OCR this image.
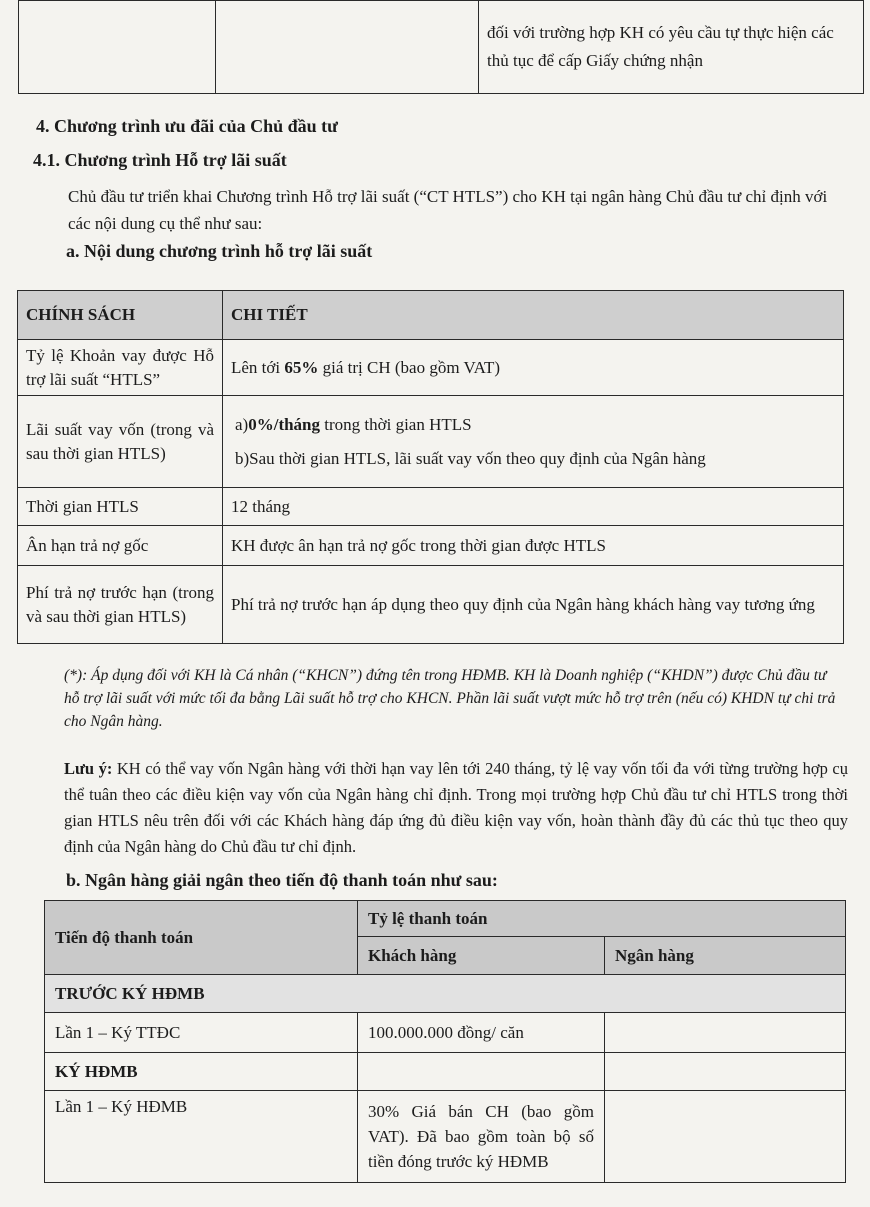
		đối với trường hợp KH có yêu cầu tự thực hiện các thủ tục để cấp Giấy chứng nhận
4. Chương trình ưu đãi của Chủ đầu tư
4.1. Chương trình Hỗ trợ lãi suất
Chủ đầu tư triển khai Chương trình Hỗ trợ lãi suất (“CT HTLS”) cho KH tại ngân hàng Chủ đầu tư chỉ định với các nội dung cụ thể như sau:
a. Nội dung chương trình hỗ trợ lãi suất
CHÍNH SÁCH	CHI TIẾT
Tỷ lệ Khoản vay được Hỗ trợ lãi suất “HTLS”	Lên tới 65% giá trị CH (bao gồm VAT)
Lãi suất vay vốn (trong và sau thời gian HTLS)	a)0%/tháng trong thời gian HTLS
b)Sau thời gian HTLS, lãi suất vay vốn theo quy định của Ngân hàng

Thời gian HTLS	12 tháng
Ân hạn trả nợ gốc	KH được ân hạn trả nợ gốc trong thời gian được HTLS
Phí trả nợ trước hạn (trong và sau thời gian HTLS)	Phí trả nợ trước hạn áp dụng theo quy định của Ngân hàng khách hàng vay tương ứng
(*): Áp dụng đối với KH là Cá nhân (“KHCN”) đứng tên trong HĐMB. KH là Doanh nghiệp (“KHDN”) được Chủ đầu tư hỗ trợ lãi suất với mức tối đa bằng Lãi suất hỗ trợ cho KHCN. Phần lãi suất vượt mức hỗ trợ trên (nếu có) KHDN tự chi trả cho Ngân hàng.
Lưu ý: KH có thể vay vốn Ngân hàng với thời hạn vay lên tới 240 tháng, tỷ lệ vay vốn tối đa với từng trường hợp cụ thể tuân theo các điều kiện vay vốn của Ngân hàng chỉ định. Trong mọi trường hợp Chủ đầu tư chỉ HTLS trong thời gian HTLS nêu trên đối với các Khách hàng đáp ứng đủ điều kiện vay vốn, hoàn thành đầy đủ các thủ tục theo quy định của Ngân hàng do Chủ đầu tư chỉ định.
b. Ngân hàng giải ngân theo tiến độ thanh toán như sau:
Tiến độ thanh toán	Tỷ lệ thanh toán	
	Khách hàng	Ngân hàng
TRƯỚC KÝ HĐMB		
Lần 1 – Ký TTĐC	100.000.000 đồng/ căn	
KÝ HĐMB		
Lần 1 – Ký HĐMB	30% Giá bán CH (bao gồm VAT). Đã bao gồm toàn bộ số tiền đóng trước ký HĐMB	
